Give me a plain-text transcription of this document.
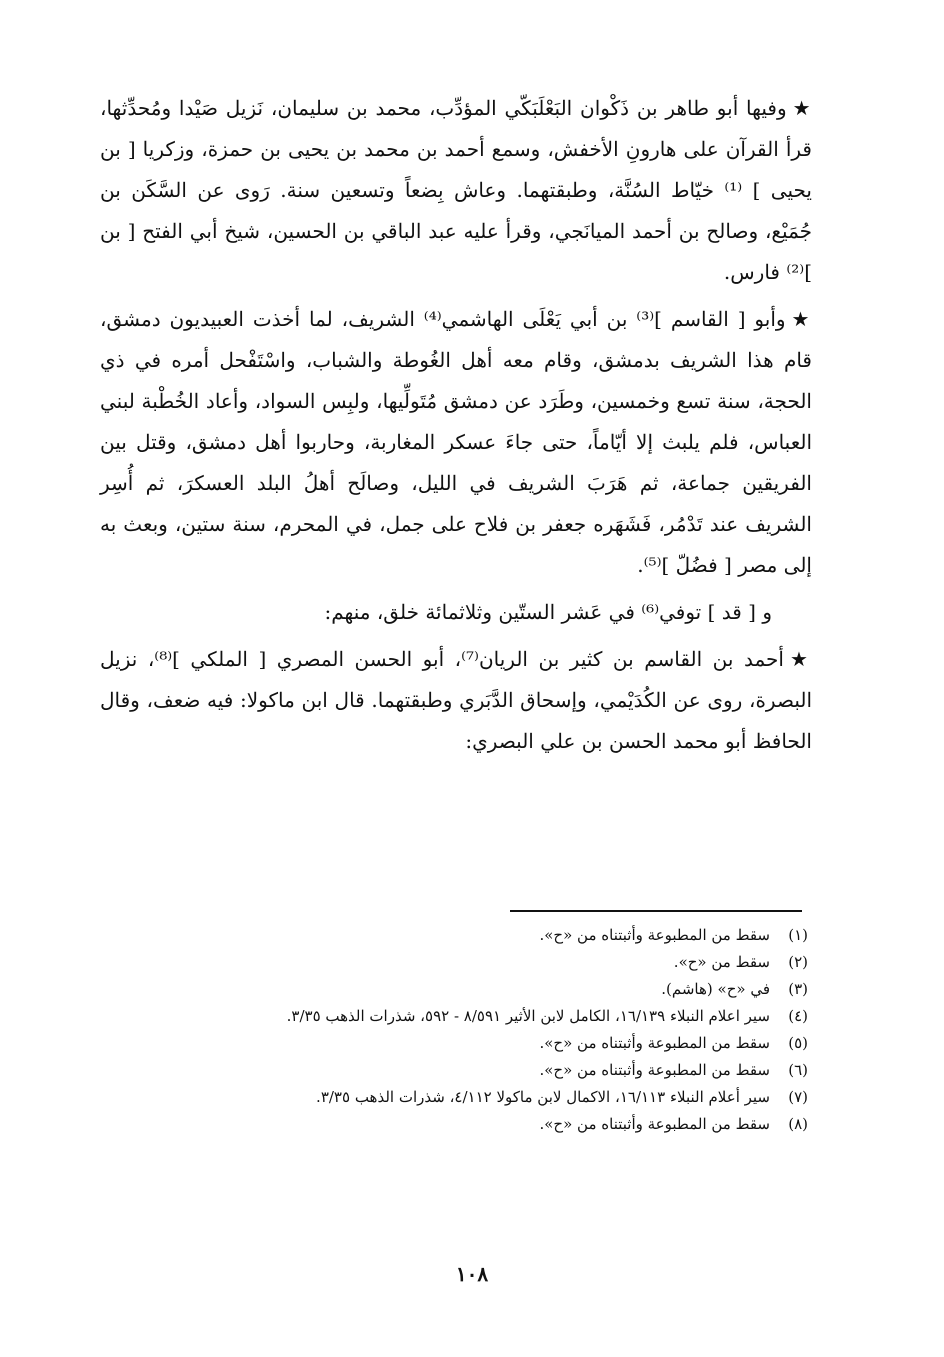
★وفيها أبو طاهر بن ذَكْوان البَعْلَبَكّي المؤدِّب، محمد بن سليمان، نَزيل صَيْدا ومُحدِّثها، قرأ القرآن على هارونِ الأخفش، وسمع أحمد بن محمد بن يحيى بن حمزة، وزكريا [ بن يحيى ] ⁽¹⁾ خيّاط السُنَّة، وطبقتهما. وعاش بِضعاً وتسعين سنة. رَوى عن السَّكَن بن جُمَيْع، وصالح بن أحمد الميانَجي، وقرأ عليه عبد الباقي بن الحسين، شيخ أبي الفتح [ بن ]⁽²⁾ فارس.

★وأبو [ القاسم ]⁽³⁾ بن أبي يَعْلَى الهاشمي⁽⁴⁾ الشريف، لما أخذت العبيديون دمشق، قام هذا الشريف بدمشق، وقام معه أهل الغُوطة والشباب، واسْتَفْحل أمره في ذي الحجة، سنة تسع وخمسين، وطَرَد عن دمشق مُتَولِّيها، ولبِس السواد، وأعاد الخُطْبة لبني العباس، فلم يلبث إلا أيّاماً، حتى جاءَ عسكر المغاربة، وحاربوا أهل دمشق، وقتل بين الفريقين جماعة، ثم هَرَبَ الشريف في الليل، وصالَح أهلُ البلد العسكرَ، ثم أُسِر الشريف عند تَدْمُر، فَشَهَره جعفر بن فلاح على جمل، في المحرم، سنة ستين، وبعث به إلى مصر [ فضُلّ ]⁽⁵⁾.

و [ قد ] توفي⁽⁶⁾ في عَشر الستّين وثلاثمائة خلق، منهم:

★أحمد بن القاسم بن كثير بن الريان⁽⁷⁾، أبو الحسن المصري [ الملكي ]⁽⁸⁾، نزيل البصرة، روى عن الكُدَيْمي، وإسحاق الدَّبَري وطبقتهما. قال ابن ماكولا: فيه ضعف، وقال الحافظ أبو محمد الحسن بن علي البصري:

(١)
سقط من المطبوعة وأثبتناه من «ح».
(٢)
سقط من «ح».
(٣)
في «ح» (هاشم).
(٤)
سير اعلام النبلاء ١٦/١٣٩، الكامل لابن الأثير ٨/٥٩١ - ٥٩٢، شذرات الذهب ٣/٣٥.
(٥)
سقط من المطبوعة وأثبتناه من «ح».
(٦)
سقط من المطبوعة وأثبتناه من «ح».
(٧)
سير أعلام النبلاء ١٦/١١٣، الاكمال لابن ماكولا ٤/١١٢، شذرات الذهب ٣/٣٥.
(٨)
سقط من المطبوعة وأثبتناه من «ح».
١٠٨
